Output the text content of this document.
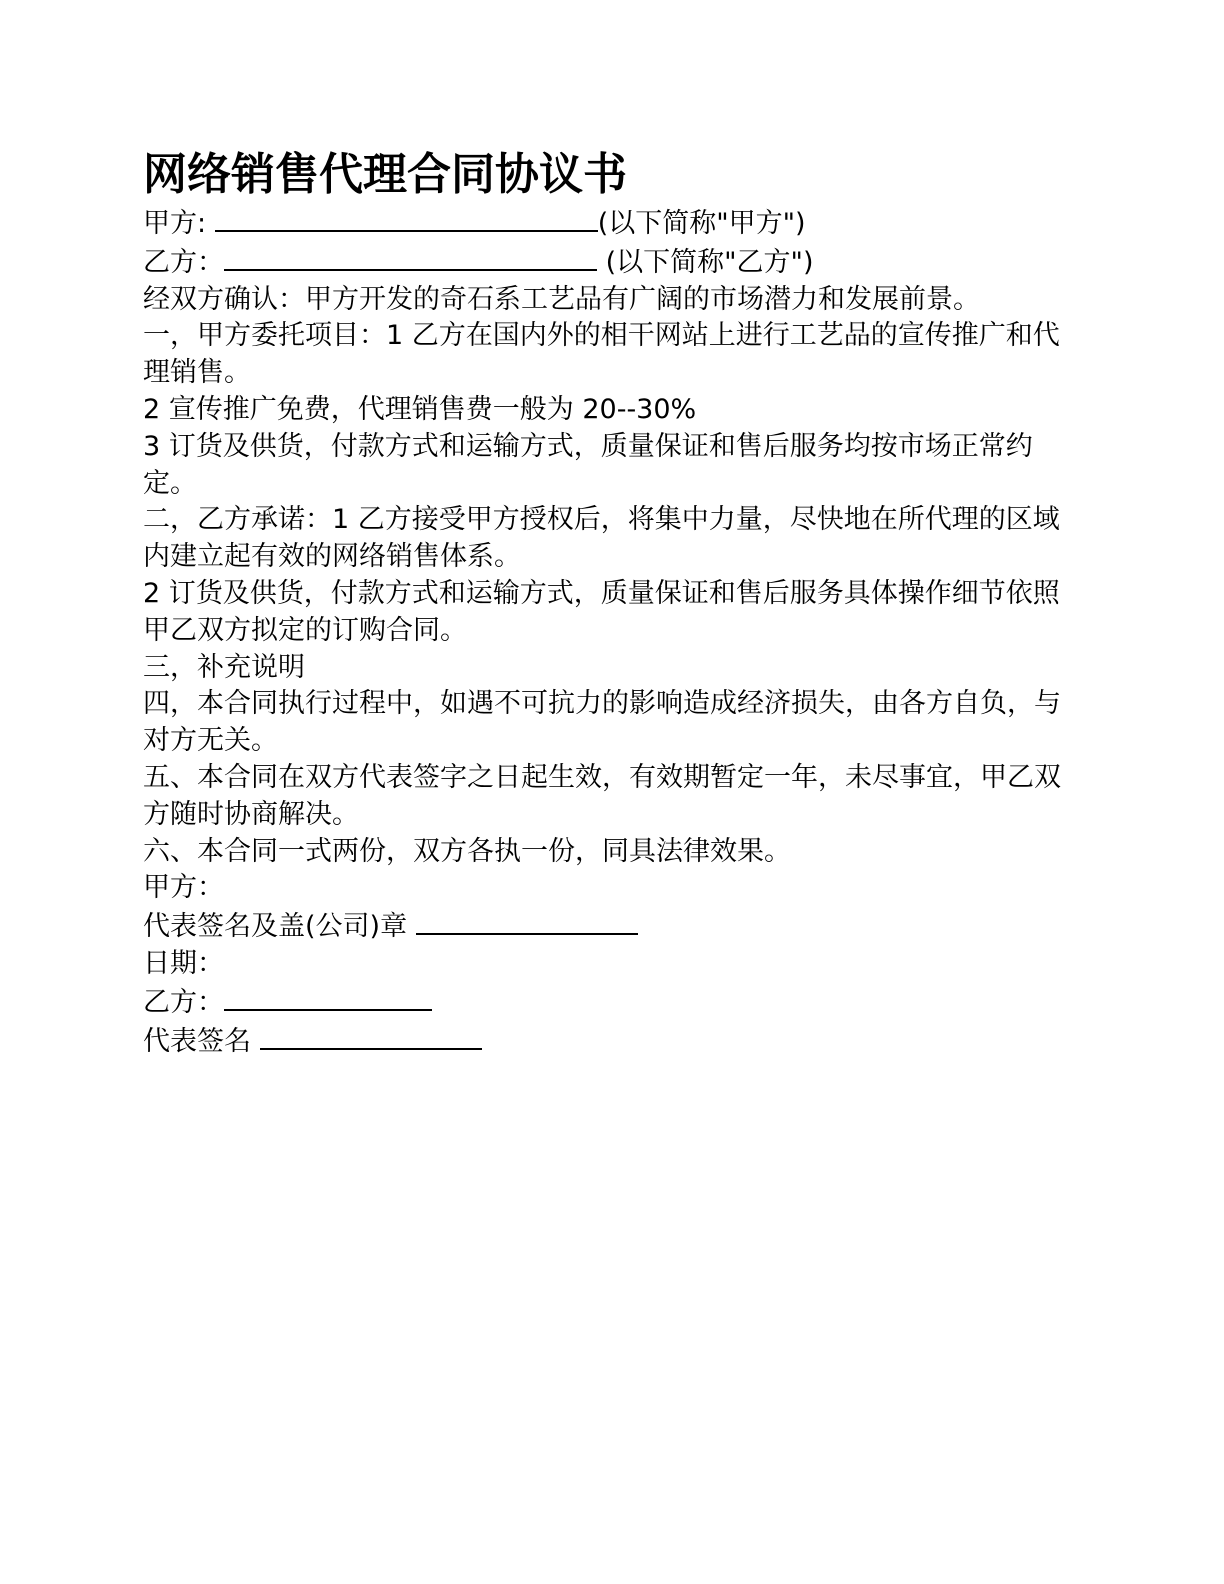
网络销售代理合同协议书

甲方:	(以下简称"甲方")

乙方：	(以下简称"乙方")

经双方确认：甲方开发的奇石系工艺品有广阔的市场潜力和发展前景。

一，甲方委托项目：1 乙方在国内外的相干网站上进行工艺品的宣传推广和代理销售。

2 宣传推广免费，代理销售费一般为 20--30%

3 订货及供货，付款方式和运输方式，质量保证和售后服务均按市场正常约定。

二，乙方承诺：1 乙方接受甲方授权后，将集中力量，尽快地在所代理的区域内建立起有效的网络销售体系。

2 订货及供货，付款方式和运输方式，质量保证和售后服务具体操作细节依照甲乙双方拟定的订购合同。

三，补充说明

四，本合同执行过程中，如遇不可抗力的影响造成经济损失，由各方自负，与对方无关。

五、本合同在双方代表签字之日起生效，有效期暂定一年，未尽事宜，甲乙双方随时协商解决。

六、本合同一式两份，双方各执一份，同具法律效果。

甲方：

代表签名及盖(公司)章

日期：

乙方：

代表签名
